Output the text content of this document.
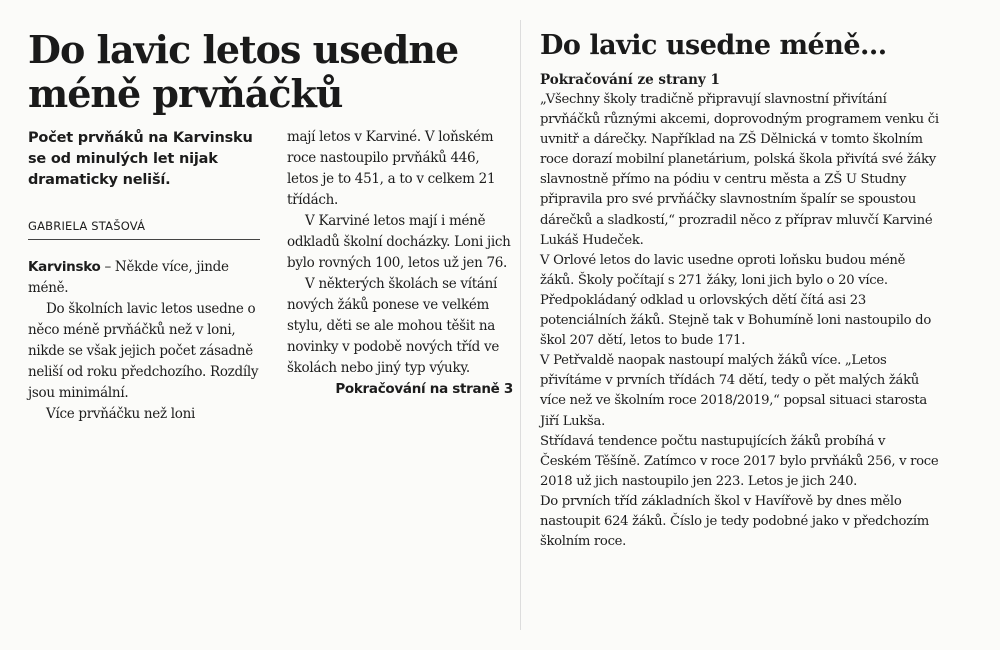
Do lavic letos usedne
méně prvňáčků

Počet prvňáků na Karvinsku se od minulých let nijak dramaticky neliší.

GABRIELA STAŠOVÁ

Karvinsko – Někde více, jinde méně.

Do školních lavic letos usedne o něco méně prvňáčků než v loni, nikde se však jejich počet zásadně neliší od roku předchozího. Rozdíly jsou minimální.

Více prvňáčku než loni

mají letos v Karviné. V loňském roce nastoupilo prvňáků 446, letos je to 451, a to v celkem 21 třídách.

V Karviné letos mají i méně odkladů školní docházky. Loni jich bylo rovných 100, letos už jen 76.

V některých školách se vítání nových žáků ponese ve velkém stylu, děti se ale mohou těšit na novinky v podobě nových tříd ve školách nebo jiný typ výuky.

Pokračování na straně 3
Do lavic usedne méně...
Pokračování ze strany 1

„Všechny školy tradičně připravují slavnostní přivítání prvňáčků různými akcemi, doprovodným programem venku či uvnitř a dárečky. Například na ZŠ Dělnická v tomto školním roce dorazí mobilní planetárium, polská škola přivítá své žáky slavnostně přímo na pódiu v centru města a ZŠ U Studny připravila pro své prvňáčky slavnostním špalír se spoustou dárečků a sladkostí,“ prozradil něco z příprav mluvčí Karviné Lukáš Hudeček.

V Orlové letos do lavic usedne oproti loňsku budou méně žáků. Školy počítají s 271 žáky, loni jich bylo o 20 více. Předpokládaný odklad u orlovských dětí čítá asi 23 potenciálních žáků. Stejně tak v Bohumíně loni nastoupilo do škol 207 dětí, letos to bude 171.

V Petřvaldě naopak nastoupí malých žáků více. „Letos přivítáme v prvních třídách 74 dětí, tedy o pět malých žáků více než ve školním roce 2018/2019,“ popsal situaci starosta Jiří Lukša.

Střídavá tendence počtu nastupujících žáků probíhá v Českém Těšíně. Zatímco v roce 2017 bylo prvňáků 256, v roce 2018 už jich nastoupilo jen 223. Letos je jich 240.

Do prvních tříd základních škol v Havířově by dnes mělo nastoupit 624 žáků. Číslo je tedy podobné jako v předchozím školním roce.
